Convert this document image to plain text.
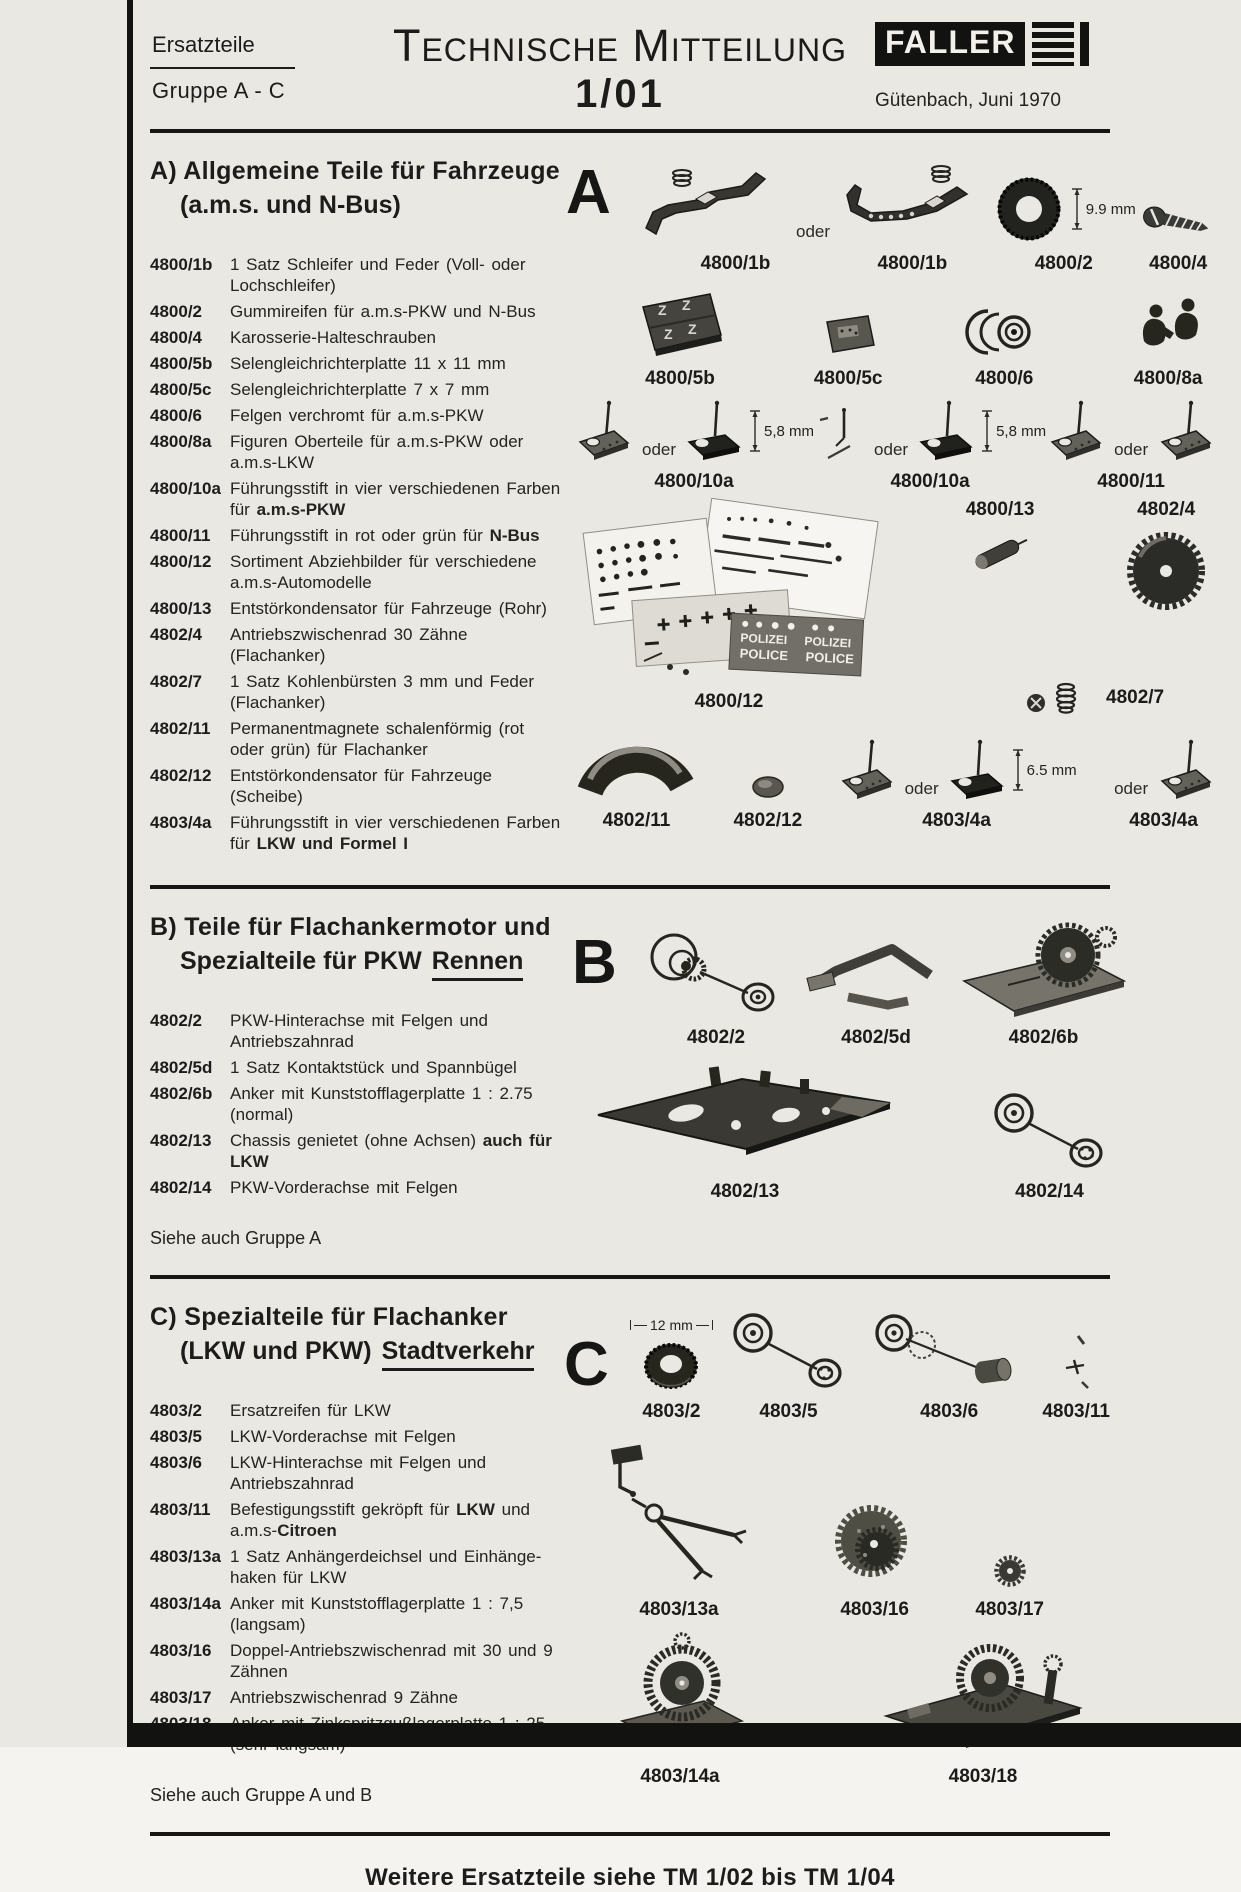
Ersatzteile
Gruppe A - C
Technische Mitteilung
1/01
FALLER
Gütenbach, Juni 1970
A) Allgemeine Teile für Fahrzeuge
(a.m.s. und N-Bus)
4800/1b	1 Satz Schleifer und Feder (Voll- oder Lochschleifer)
4800/2	Gummireifen für a.m.s-PKW und N-Bus
4800/4	Karosserie-Halteschrauben
4800/5b	Selengleichrichterplatte 11 x 11 mm
4800/5c	Selengleichrichterplatte 7 x 7 mm
4800/6	Felgen verchromt für a.m.s-PKW
4800/8a	Figuren Oberteile für a.m.s-PKW oder a.m.s-LKW
4800/10a Führungsstift in vier verschiedenen Farben für a.m.s-PKW
4800/11	Führungsstift in rot oder grün für N-Bus
4800/12	Sortiment Abziehbilder für verschiedene a.m.s-Automodelle
4800/13	Entstörkondensator für Fahrzeuge (Rohr)
4802/4	Antriebszwischenrad 30 Zähne (Flachanker)
4802/7	1 Satz Kohlenbürsten 3 mm und Feder (Flachanker)
4802/11	Permanentmagnete schalenförmig (rot oder grün) für Flachanker
4802/12	Entstörkondensator für Fahrzeuge (Scheibe)
4803/4a	Führungsstift in vier verschiedenen Farben für LKW und Formel I
A
oder
4800/1b	4800/1b
9.9 mm
4800/2	4800/4
Z Z
Z Z
4800/5b	4800/5c	4800/6	4800/8a
oder
5,8 mm
4800/10a
oder
5,8 mm
4800/10a
oder
4800/11
POLIZEI POLIZEI
POLICE POLICE
4800/12
4800/13	4802/4
4802/7
4802/11	4802/12
oder
6.5 mm
4803/4a
oder
4803/4a
B) Teile für Flachankermotor und
Spezialteile für PKW Rennen
4802/2	PKW-Hinterachse mit Felgen und Antriebszahnrad
4802/5d	1 Satz Kontaktstück und Spannbügel
4802/6b	Anker mit Kunststofflagerplatte 1 : 2.75 (normal)
4802/13	Chassis genietet (ohne Achsen) auch für LKW
4802/14	PKW-Vorderachse mit Felgen
Siehe auch Gruppe A
B
4802/2	4802/5d	4802/6b
4802/13	4802/14
C) Spezialteile für Flachanker
(LKW und PKW) Stadtverkehr
4803/2	Ersatzreifen für LKW
4803/5	LKW-Vorderachse mit Felgen
4803/6	LKW-Hinterachse mit Felgen und Antriebszahnrad
4803/11	Befestigungsstift gekröpft für LKW und a.m.s-Citroen
4803/13a 1 Satz Anhängerdeichsel und Einhänge-haken für LKW
4803/14a Anker mit Kunststofflagerplatte 1 : 7,5 (langsam)
4803/16	Doppel-Antriebszwischenrad mit 30 und 9 Zähnen
4803/17	Antriebszwischenrad 9 Zähne
Siehe auch Gruppe A und B
C
12 mm
4803/2	4803/5	4803/6	4803/11
4803/13a	4803/16	4803/17
4803/14a	4803/18
Weitere Ersatzteile siehe TM 1/02 bis TM 1/04
